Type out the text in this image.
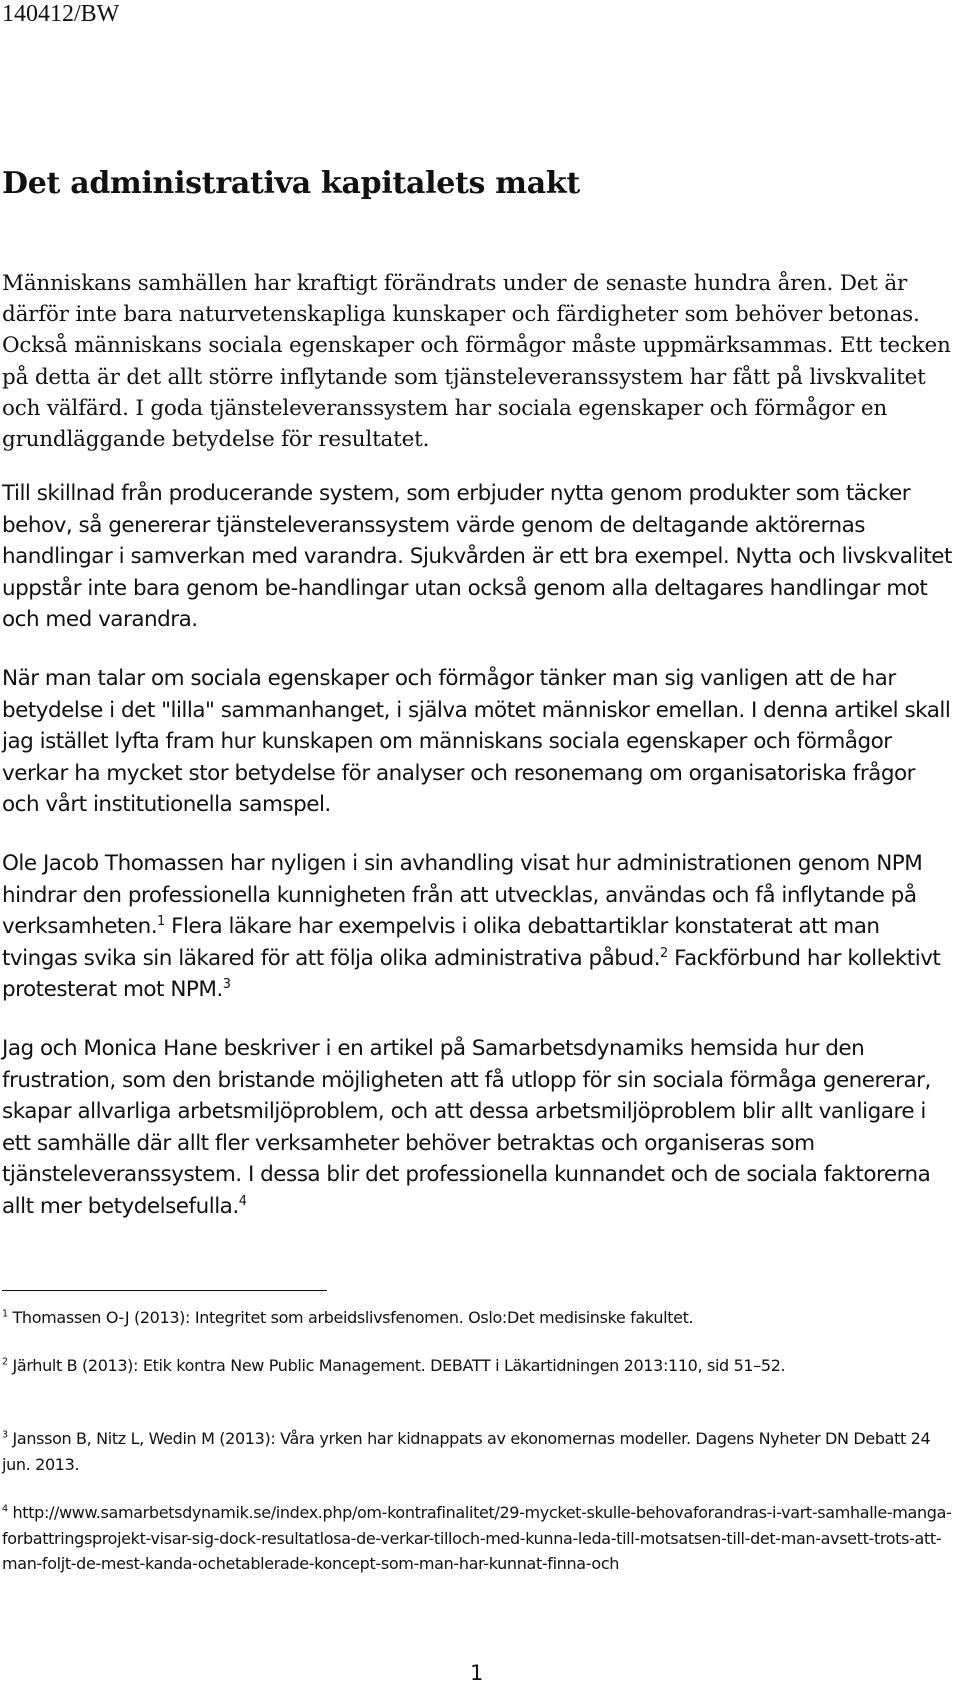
140412/BW
Det administrativa kapitalets makt

Människans samhällen har kraftigt förändrats under de senaste hundra åren. Det är därför inte bara naturvetenskapliga kunskaper och färdigheter som behöver betonas. Också människans sociala egenskaper och förmågor måste uppmärksammas. Ett tecken på detta är det allt större inflytande som tjänsteleveranssystem har fått på livskvalitet och välfärd. I goda tjänsteleveranssystem har sociala egenskaper och förmågor en grundläggande betydelse för resultatet.

Till skillnad från producerande system, som erbjuder nytta genom produkter som täcker behov, så genererar tjänsteleveranssystem värde genom de deltagande aktörernas handlingar i samverkan med varandra. Sjukvården är ett bra exempel. Nytta och livskvalitet uppstår inte bara genom be-handlingar utan också genom alla deltagares handlingar mot och med varandra.

När man talar om sociala egenskaper och förmågor tänker man sig vanligen att de har betydelse i det "lilla" sammanhanget, i själva mötet människor emellan. I denna artikel skall jag istället lyfta fram hur kunskapen om människans sociala egenskaper och förmågor verkar ha mycket stor betydelse för analyser och resonemang om organisatoriska frågor och vårt institutionella samspel.

Ole Jacob Thomassen har nyligen i sin avhandling visat hur administrationen genom NPM hindrar den professionella kunnigheten från att utvecklas, användas och få inflytande på verksamheten.$^1$ Flera läkare har exempelvis i olika debattartiklar konstaterat att man tvingas svika sin läkared för att följa olika administrativa påbud.$^2$ Fackförbund har kollektivt protesterat mot NPM.$^3$

Jag och Monica Hane beskriver i en artikel på Samarbetsdynamiks hemsida hur den frustration, som den bristande möjligheten att få utlopp för sin sociala förmåga genererar, skapar allvarliga arbetsmiljöproblem, och att dessa arbetsmiljöproblem blir allt vanligare i ett samhälle där allt fler verksamheter behöver betraktas och organiseras som tjänsteleveranssystem. I dessa blir det professionella kunnandet och de sociala faktorerna allt mer betydelsefulla.$^4$

$^1$ Thomassen O-J (2013): Integritet som arbeidslivsfenomen. Oslo:Det medisinske fakultet.

$^2$ Järhult B (2013): Etik kontra New Public Management. DEBATT i Läkartidningen 2013:110, sid 51–52.

$^3$ Jansson B, Nitz L, Wedin M (2013): Våra yrken har kidnappats av ekonomernas modeller. Dagens Nyheter DN Debatt 24 jun. 2013.

$^4$ http://www.samarbetsdynamik.se/index.php/om-kontrafinalitet/29-mycket-skulle-behovaforandras-i-vart-samhalle-manga-forbattringsprojekt-visar-sig-dock-resultatlosa-de-verkar-tilloch-med-kunna-leda-till-motsatsen-till-det-man-avsett-trots-att-man-foljt-de-mest-kanda-ochetablerade-koncept-som-man-har-kunnat-finna-och

1
